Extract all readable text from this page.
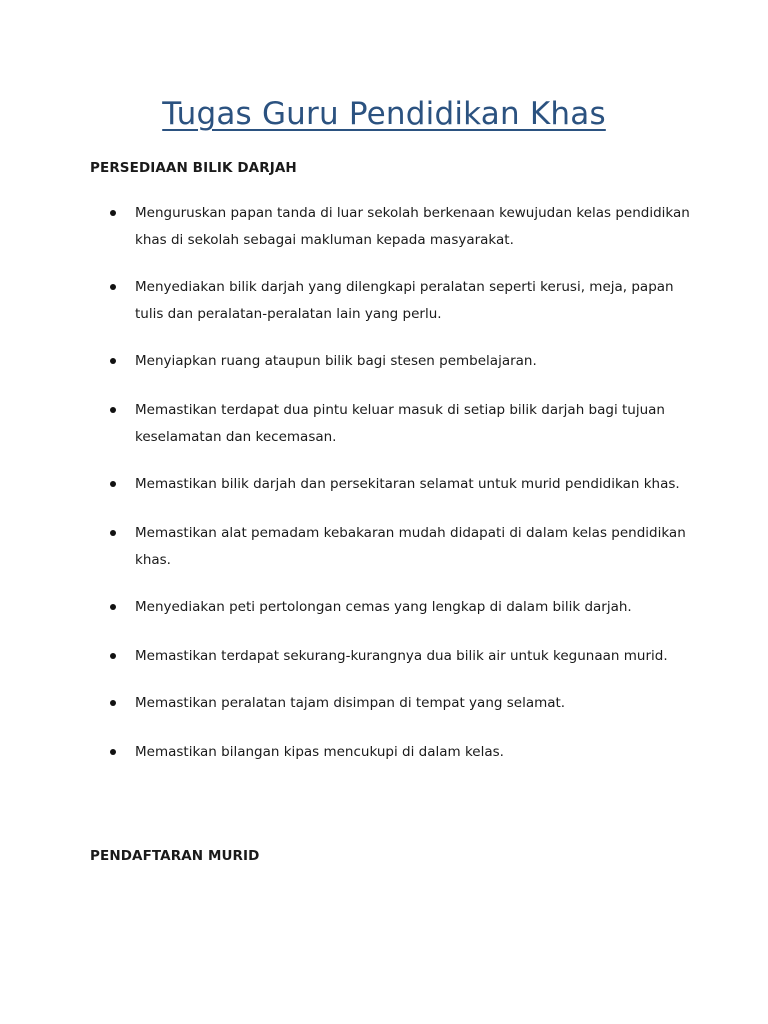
Tugas Guru Pendidikan Khas
PERSEDIAAN BILIK DARJAH
Menguruskan papan tanda di luar sekolah berkenaan kewujudan kelas pendidikan khas di sekolah sebagai makluman kepada masyarakat.
Menyediakan bilik darjah yang dilengkapi peralatan seperti kerusi, meja, papan tulis dan peralatan-peralatan lain yang perlu.
Menyiapkan ruang ataupun bilik bagi stesen pembelajaran.
Memastikan terdapat dua pintu keluar masuk di setiap bilik darjah bagi tujuan keselamatan dan kecemasan.
Memastikan bilik darjah dan persekitaran selamat untuk murid pendidikan khas.
Memastikan alat pemadam kebakaran mudah didapati di dalam kelas pendidikan khas.
Menyediakan peti pertolongan cemas yang lengkap di dalam bilik darjah.
Memastikan terdapat sekurang-kurangnya dua bilik air untuk kegunaan murid.
Memastikan peralatan tajam disimpan di tempat yang selamat.
Memastikan bilangan kipas mencukupi di dalam kelas.
PENDAFTARAN MURID
